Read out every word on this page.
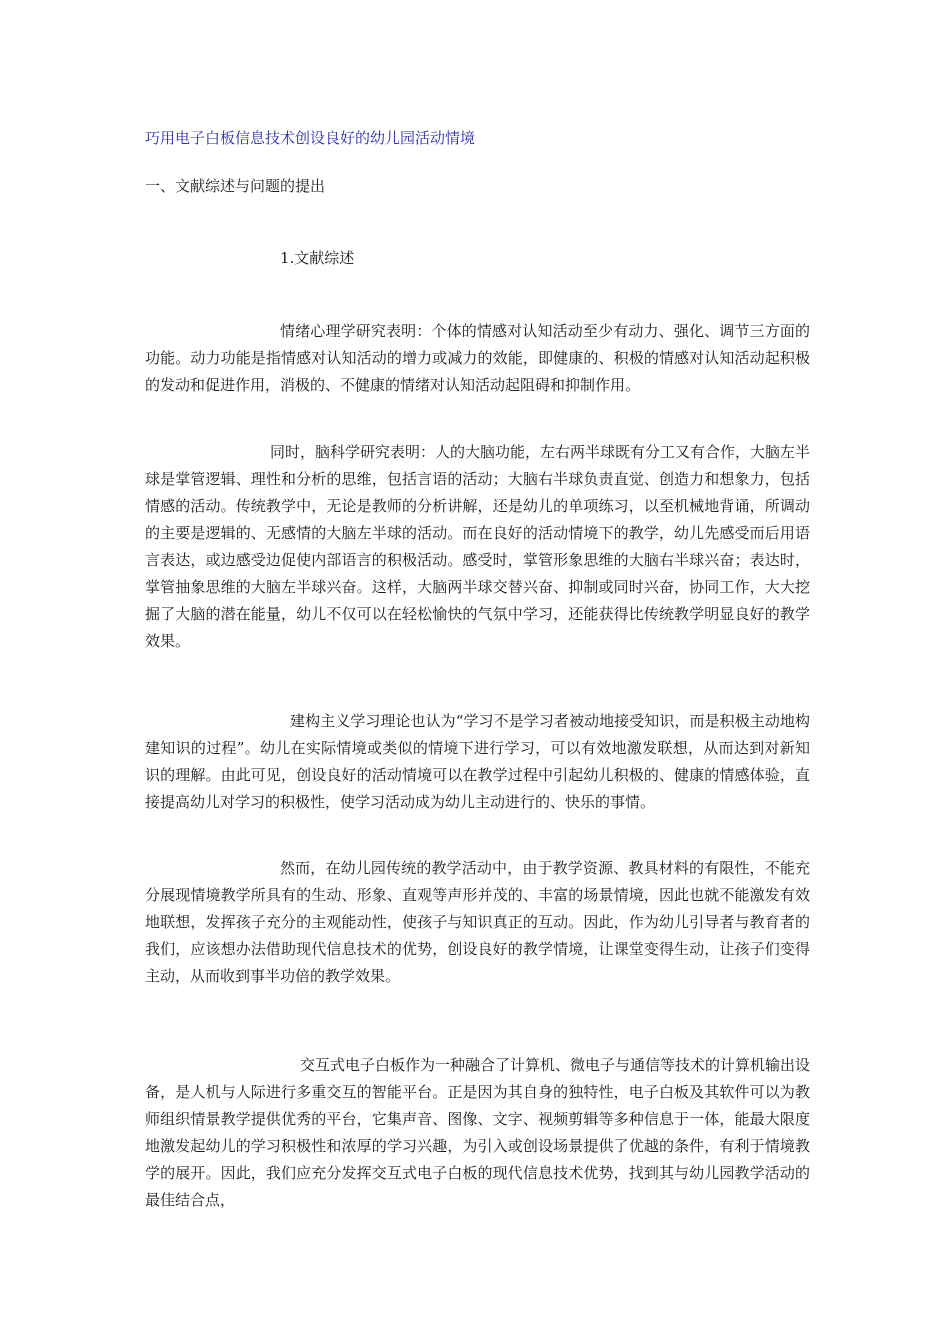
巧用电子白板信息技术创设良好的幼儿园活动情境
一、文献综述与问题的提出
1.文献综述

情绪心理学研究表明：个体的情感对认知活动至少有动力、强化、调节三方面的功能。动力功能是指情感对认知活动的增力或减力的效能，即健康的、积极的情感对认知活动起积极的发动和促进作用，消极的、不健康的情绪对认知活动起阻碍和抑制作用。

同时，脑科学研究表明：人的大脑功能，左右两半球既有分工又有合作，大脑左半球是掌管逻辑、理性和分析的思维，包括言语的活动；大脑右半球负责直觉、创造力和想象力，包括情感的活动。传统教学中，无论是教师的分析讲解，还是幼儿的单项练习，以至机械地背诵，所调动的主要是逻辑的、无感情的大脑左半球的活动。而在良好的活动情境下的教学，幼儿先感受而后用语言表达，或边感受边促使内部语言的积极活动。感受时，掌管形象思维的大脑右半球兴奋；表达时，掌管抽象思维的大脑左半球兴奋。这样，大脑两半球交替兴奋、抑制或同时兴奋，协同工作，大大挖掘了大脑的潜在能量，幼儿不仅可以在轻松愉快的气氛中学习，还能获得比传统教学明显良好的教学效果。

建构主义学习理论也认为“学习不是学习者被动地接受知识，而是积极主动地构建知识的过程”。幼儿在实际情境或类似的情境下进行学习，可以有效地激发联想，从而达到对新知识的理解。由此可见，创设良好的活动情境可以在教学过程中引起幼儿积极的、健康的情感体验，直接提高幼儿对学习的积极性，使学习活动成为幼儿主动进行的、快乐的事情。

然而，在幼儿园传统的教学活动中，由于教学资源、教具材料的有限性，不能充分展现情境教学所具有的生动、形象、直观等声形并茂的、丰富的场景情境，因此也就不能激发有效地联想，发挥孩子充分的主观能动性，使孩子与知识真正的互动。因此，作为幼儿引导者与教育者的我们，应该想办法借助现代信息技术的优势，创设良好的教学情境，让课堂变得生动，让孩子们变得主动，从而收到事半功倍的教学效果。

交互式电子白板作为一种融合了计算机、微电子与通信等技术的计算机输出设备，是人机与人际进行多重交互的智能平台。正是因为其自身的独特性，电子白板及其软件可以为教师组织情景教学提供优秀的平台，它集声音、图像、文字、视频剪辑等多种信息于一体，能最大限度地激发起幼儿的学习积极性和浓厚的学习兴趣，为引入或创设场景提供了优越的条件，有利于情境教学的展开。因此，我们应充分发挥交互式电子白板的现代信息技术优势，找到其与幼儿园教学活动的最佳结合点，
